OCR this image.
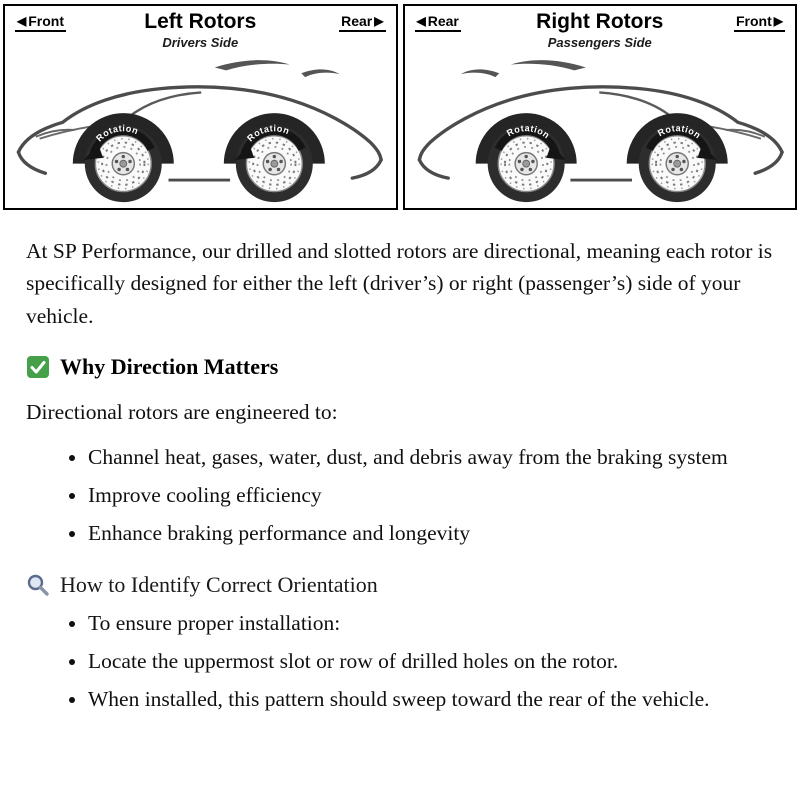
◀ Front	Left Rotors
Drivers Side
Rear ▶
Rotation
Rotation
◀ Rear	Right Rotors
Passengers Side
Front ▶
Rotation	Rotation

At SP Performance, our drilled and slotted rotors are directional, meaning each rotor is specifically designed for either the left (driver’s) or right (passenger’s) side of your vehicle.

Why Direction Matters

Directional rotors are engineered to:

• Channel heat, gases, water, dust, and debris away from the braking system
• Improve cooling efficiency
• Enhance braking performance and longevity
How to Identify Correct Orientation
• To ensure proper installation:
• Locate the uppermost slot or row of drilled holes on the rotor.
• When installed, this pattern should sweep toward the rear of the vehicle.
